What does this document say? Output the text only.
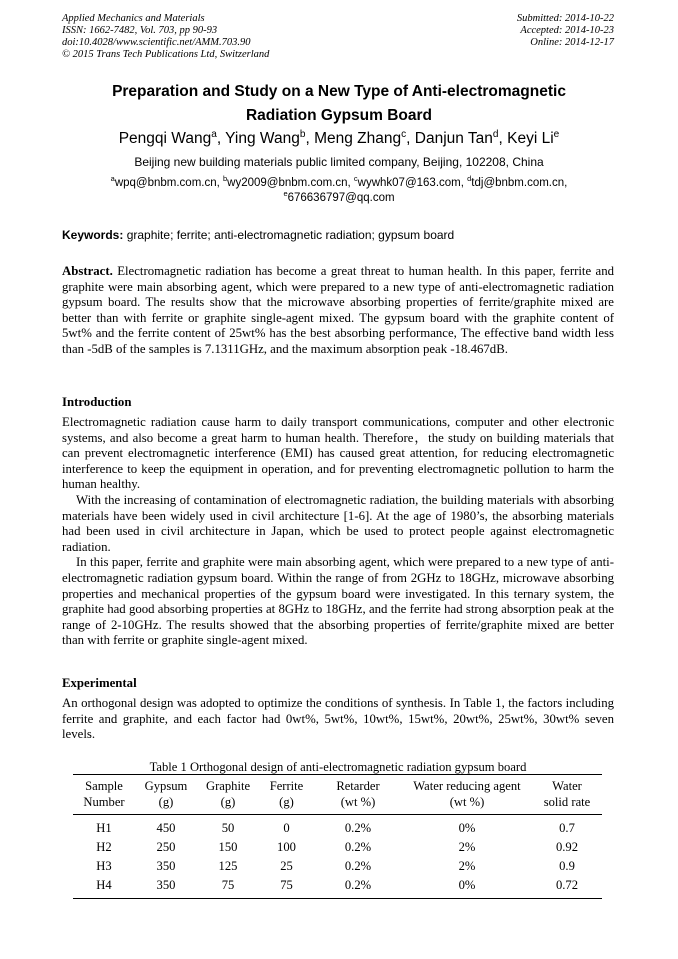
Applied Mechanics and Materials
ISSN: 1662-7482, Vol. 703, pp 90-93
doi:10.4028/www.scientific.net/AMM.703.90
© 2015 Trans Tech Publications Ltd, Switzerland
Submitted: 2014-10-22
Accepted: 2014-10-23
Online: 2014-12-17
Preparation and Study on a New Type of Anti-electromagnetic
Radiation Gypsum Board
Pengqi Wang$^a$, Ying Wang$^b$, Meng Zhang$^c$, Danjun Tan$^d$, Keyi Li$^e$
Beijing new building materials public limited company, Beijing, 102208, China
$^a$wpq@bnbm.com.cn, $^b$wy2009@bnbm.com.cn, $^c$wywhk07@163.com, $^d$tdj@bnbm.com.cn,
$^e$676636797@qq.com
Keywords: graphite; ferrite; anti-electromagnetic radiation; gypsum board

Abstract. Electromagnetic radiation has become a great threat to human health. In this paper, ferrite and graphite were main absorbing agent, which were prepared to a new type of anti-electromagnetic radiation gypsum board. The results show that the microwave absorbing properties of ferrite/graphite mixed are better than with ferrite or graphite single-agent mixed. The gypsum board with the graphite content of 5wt% and the ferrite content of 25wt% has the best absorbing performance, The effective band width less than -5dB of the samples is 7.1311GHz, and the maximum absorption peak -18.467dB.

Introduction

Electromagnetic radiation cause harm to daily transport communications, computer and other electronic systems, and also become a great harm to human health. Therefore，the study on building materials that can prevent electromagnetic interference (EMI) has caused great attention, for reducing electromagnetic interference to keep the equipment in operation, and for preventing electromagnetic pollution to harm the human healthy.

With the increasing of contamination of electromagnetic radiation, the building materials with absorbing materials have been widely used in civil architecture [1-6]. At the age of 1980’s, the absorbing materials had been used in civil architecture in Japan, which be used to protect people against electromagnetic radiation.

In this paper, ferrite and graphite were main absorbing agent, which were prepared to a new type of anti-electromagnetic radiation gypsum board. Within the range of from 2GHz to 18GHz, microwave absorbing properties and mechanical properties of the gypsum board were investigated. In this ternary system, the graphite had good absorbing properties at 8GHz to 18GHz, and the ferrite had strong absorption peak at the range of 2-10GHz. The results showed that the absorbing properties of ferrite/graphite mixed are better than with ferrite or graphite single-agent mixed.

Experimental

An orthogonal design was adopted to optimize the conditions of synthesis. In Table 1, the factors including ferrite and graphite, and each factor had 0wt%, 5wt%, 10wt%, 15wt%, 20wt%, 25wt%, 30wt% seven levels.

Table 1 Orthogonal design of anti-electromagnetic radiation gypsum board
Sample	Gypsum	Graphite	Ferrite	Retarder	Water reducing agent	Water
Number	(g)	(g)	(g)	(wt %)	(wt %)	solid rate
H1	450	50	0	0.2%	0%	0.7
H2	250	150	100	0.2%	2%	0.92
H3	350	125	25	0.2%	2%	0.9
H4	350	75	75	0.2%	0%	0.72
